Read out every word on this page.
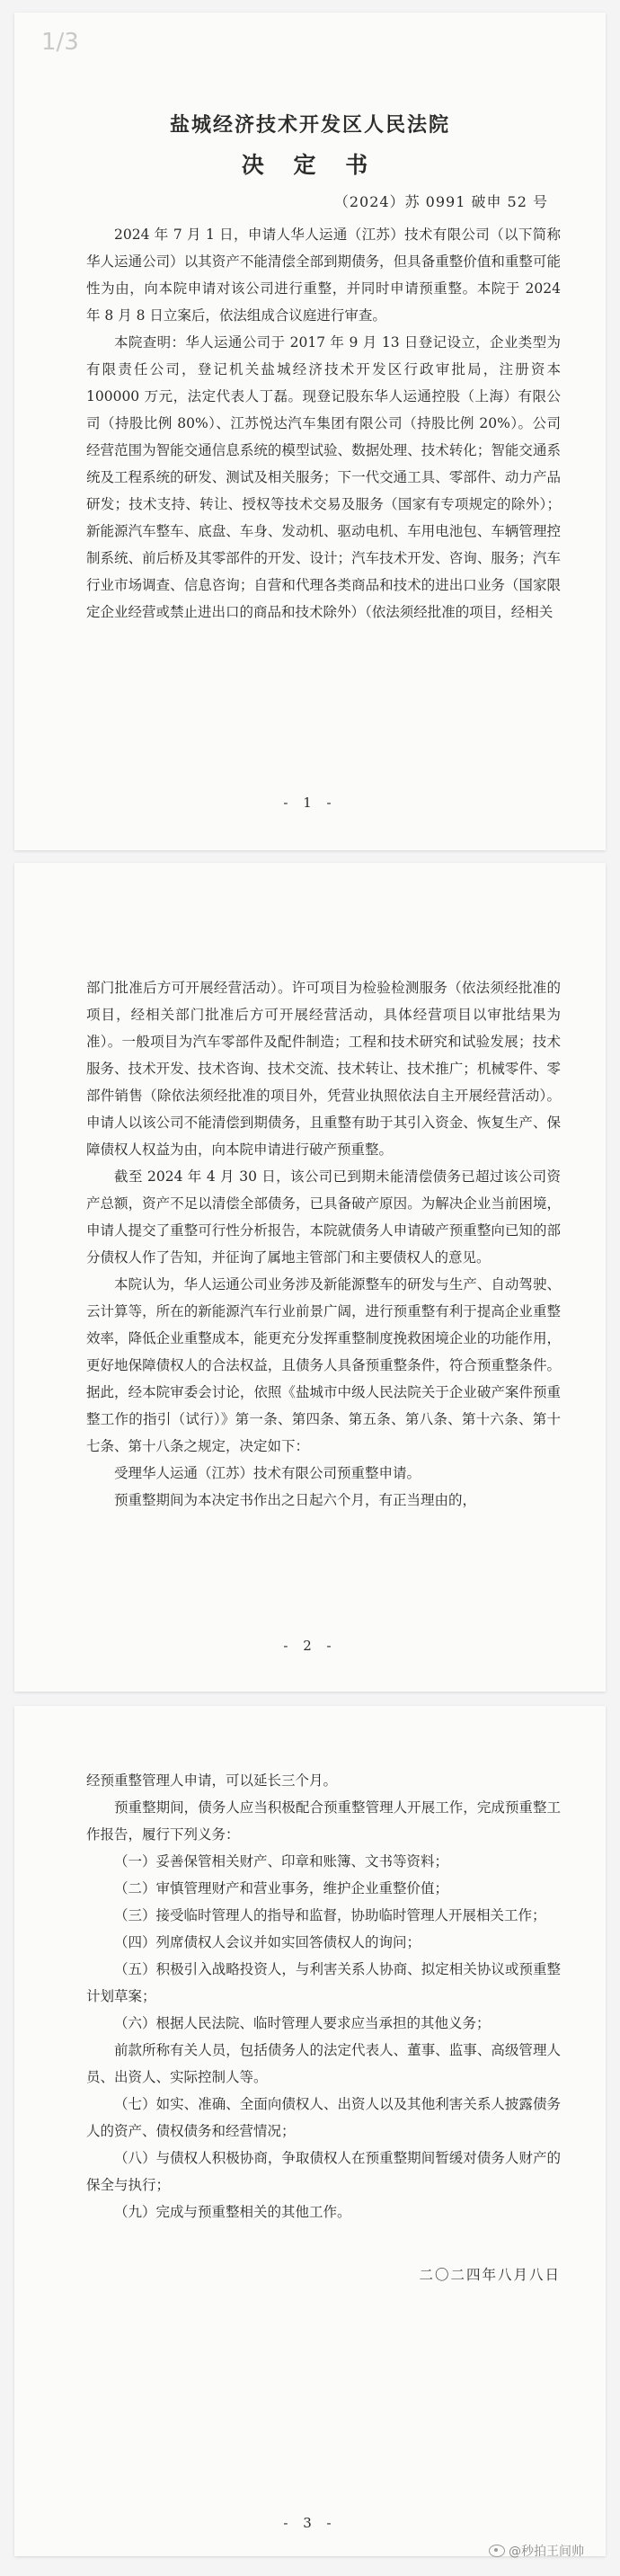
1/3
盐城经济技术开发区人民法院
决 定 书
（2024）苏 0991 破申 52 号

2024 年 7 月 1 日，申请人华人运通（江苏）技术有限公司（以下简称华人运通公司）以其资产不能清偿全部到期债务，但具备重整价值和重整可能性为由，向本院申请对该公司进行重整，并同时申请预重整。本院于 2024 年 8 月 8 日立案后，依法组成合议庭进行审查。

本院查明：华人运通公司于 2017 年 9 月 13 日登记设立，企业类型为有限责任公司，登记机关盐城经济技术开发区行政审批局，注册资本 100000 万元，法定代表人丁磊。现登记股东华人运通控股（上海）有限公司（持股比例 80%）、江苏悦达汽车集团有限公司（持股比例 20%）。公司经营范围为智能交通信息系统的模型试验、数据处理、技术转化；智能交通系统及工程系统的研发、测试及相关服务；下一代交通工具、零部件、动力产品研发；技术支持、转让、授权等技术交易及服务（国家有专项规定的除外）；新能源汽车整车、底盘、车身、发动机、驱动电机、车用电池包、车辆管理控制系统、前后桥及其零部件的开发、设计；汽车技术开发、咨询、服务；汽车行业市场调查、信息咨询；自营和代理各类商品和技术的进出口业务（国家限定企业经营或禁止进出口的商品和技术除外）（依法须经批准的项目，经相关

- 1 -

部门批准后方可开展经营活动）。许可项目为检验检测服务（依法须经批准的项目，经相关部门批准后方可开展经营活动，具体经营项目以审批结果为准）。一般项目为汽车零部件及配件制造；工程和技术研究和试验发展；技术服务、技术开发、技术咨询、技术交流、技术转让、技术推广；机械零件、零部件销售（除依法须经批准的项目外，凭营业执照依法自主开展经营活动）。申请人以该公司不能清偿到期债务，且重整有助于其引入资金、恢复生产、保障债权人权益为由，向本院申请进行破产预重整。

截至 2024 年 4 月 30 日，该公司已到期未能清偿债务已超过该公司资产总额，资产不足以清偿全部债务，已具备破产原因。为解决企业当前困境，申请人提交了重整可行性分析报告，本院就债务人申请破产预重整向已知的部分债权人作了告知，并征询了属地主管部门和主要债权人的意见。

本院认为，华人运通公司业务涉及新能源整车的研发与生产、自动驾驶、云计算等，所在的新能源汽车行业前景广阔，进行预重整有利于提高企业重整效率，降低企业重整成本，能更充分发挥重整制度挽救困境企业的功能作用，更好地保障债权人的合法权益，且债务人具备预重整条件，符合预重整条件。据此，经本院审委会讨论，依照《盐城市中级人民法院关于企业破产案件预重整工作的指引（试行）》第一条、第四条、第五条、第八条、第十六条、第十七条、第十八条之规定，决定如下：

受理华人运通（江苏）技术有限公司预重整申请。

预重整期间为本决定书作出之日起六个月，有正当理由的，

- 2 -

经预重整管理人申请，可以延长三个月。

预重整期间，债务人应当积极配合预重整管理人开展工作，完成预重整工作报告，履行下列义务：

（一）妥善保管相关财产、印章和账簿、文书等资料；

（二）审慎管理财产和营业事务，维护企业重整价值；

（三）接受临时管理人的指导和监督，协助临时管理人开展相关工作；

（四）列席债权人会议并如实回答债权人的询问；

（五）积极引入战略投资人，与利害关系人协商、拟定相关协议或预重整计划草案；

（六）根据人民法院、临时管理人要求应当承担的其他义务；

前款所称有关人员，包括债务人的法定代表人、董事、监事、高级管理人员、出资人、实际控制人等。

（七）如实、准确、全面向债权人、出资人以及其他利害关系人披露债务人的资产、债权债务和经营情况；

（八）与债权人积极协商，争取债权人在预重整期间暂缓对债务人财产的保全与执行；

（九）完成与预重整相关的其他工作。

二〇二四年八月八日

- 3 -
@秒拍王间帅
